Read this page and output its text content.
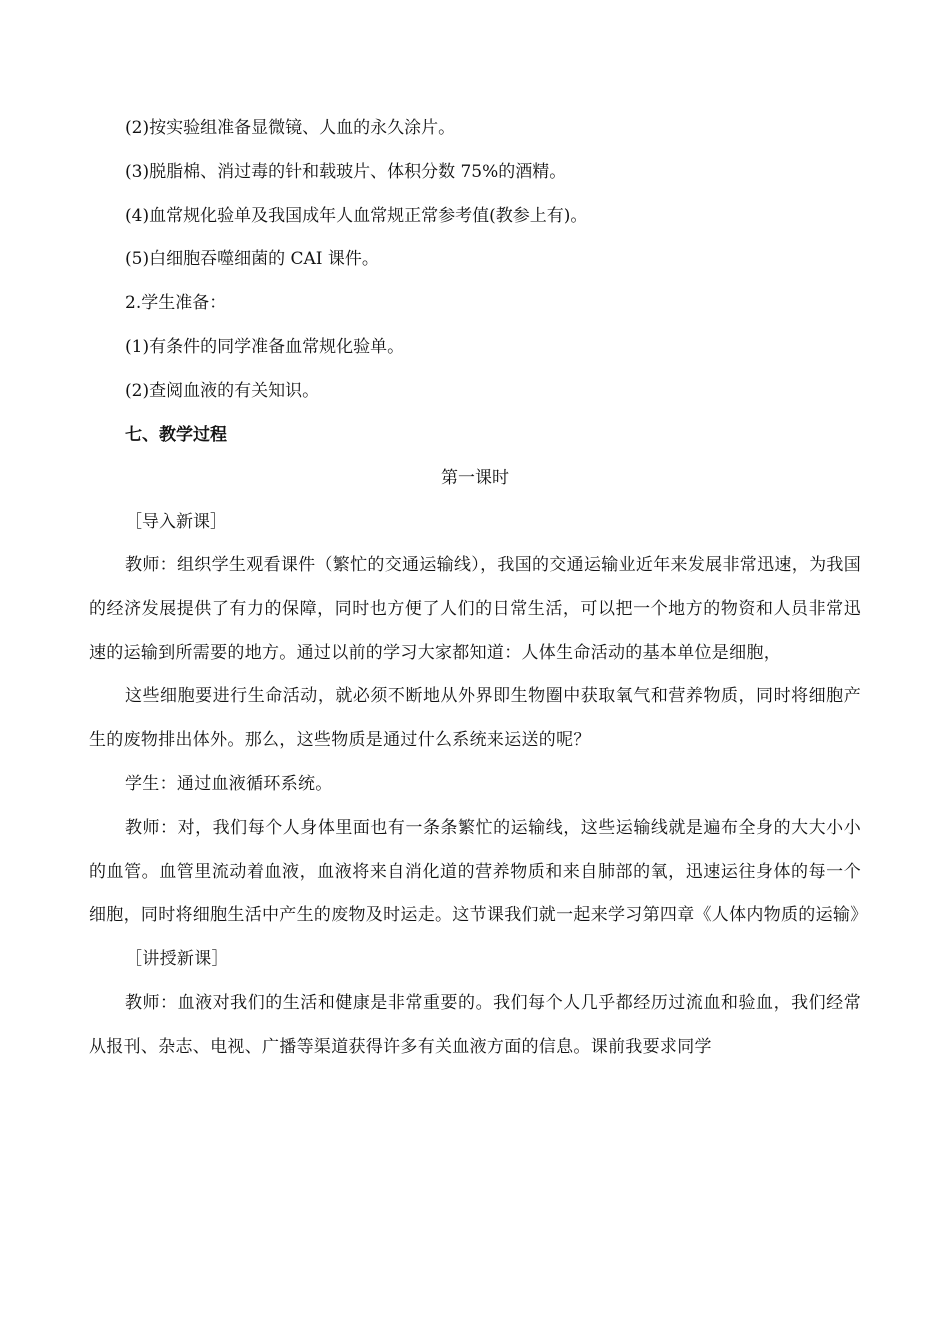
(2)按实验组准备显微镜、人血的永久涂片。
(3)脱脂棉、消过毒的针和载玻片、体积分数 75%的酒精。
(4)血常规化验单及我国成年人血常规正常参考值(教参上有)。
(5)白细胞吞噬细菌的 CAI 课件。
2.学生准备：
(1)有条件的同学准备血常规化验单。
(2)查阅血液的有关知识。
七、教学过程
第一课时
［导入新课］
教师：组织学生观看课件（繁忙的交通运输线），我国的交通运输业近年来发展非常迅速，为我国的经济发展提供了有力的保障，同时也方便了人们的日常生活，可以把一个地方的物资和人员非常迅速的运输到所需要的地方。通过以前的学习大家都知道：人体生命活动的基本单位是细胞，
这些细胞要进行生命活动，就必须不断地从外界即生物圈中获取氧气和营养物质，同时将细胞产生的废物排出体外。那么，这些物质是通过什么系统来运送的呢？
学生：通过血液循环系统。
教师：对，我们每个人身体里面也有一条条繁忙的运输线，这些运输线就是遍布全身的大大小小的血管。血管里流动着血液，血液将来自消化道的营养物质和来自肺部的氧，迅速运往身体的每一个细胞，同时将细胞生活中产生的废物及时运走。这节课我们就一起来学习第四章《人体内物质的运输》
［讲授新课］
教师：血液对我们的生活和健康是非常重要的。我们每个人几乎都经历过流血和验血，我们经常从报刊、杂志、电视、广播等渠道获得许多有关血液方面的信息。课前我要求同学
